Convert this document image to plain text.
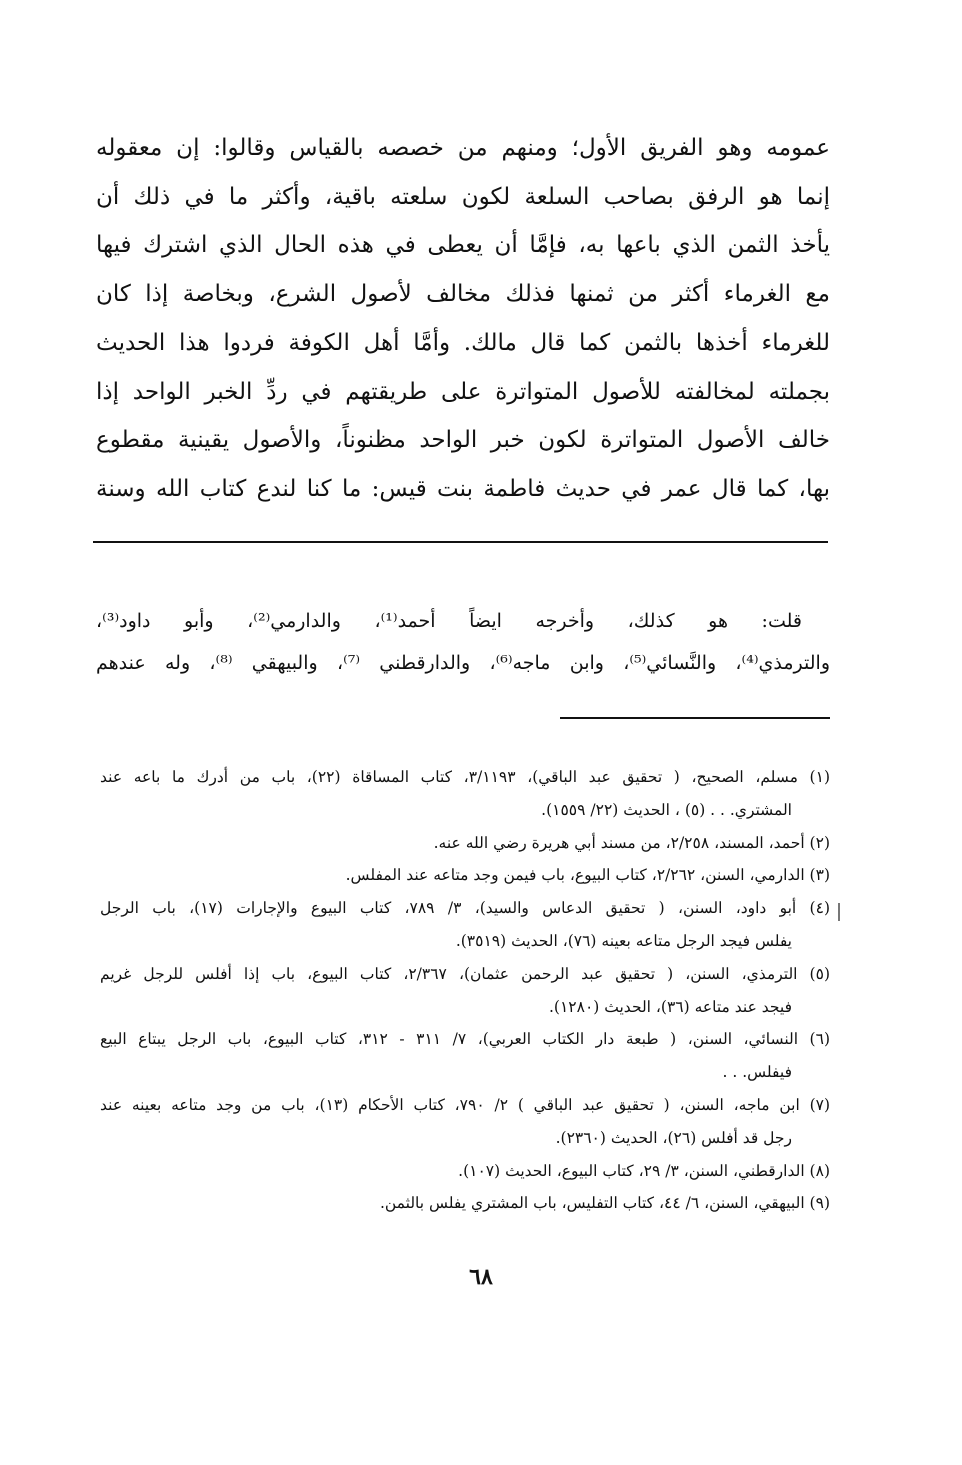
عمومه وهو الفريق الأول؛ ومنهم من خصصه بالقياس وقالوا: إن معقوله
إنما هو الرفق بصاحب السلعة لكون سلعته باقية، وأكثر ما في ذلك أن
يأخذ الثمن الذي باعها به، فإمَّا أن يعطى في هذه الحال الذي اشترك فيها
مع الغرماء أكثر من ثمنها فذلك مخالف لأصول الشرع، وبخاصة إذا كان
للغرماء أخذها بالثمن كما قال مالك. وأمَّا أهل الكوفة فردوا هذا الحديث
بجملته لمخالفته للأصول المتواترة على طريقتهم في ردِّ الخبر الواحد إذا
خالف الأصول المتواترة لكون خبر الواحد مظنوناً، والأصول يقينية مقطوع
بها، كما قال عمر في حديث فاطمة بنت قيس: ما كنا لندع كتاب الله وسنة
قلت: هو كذلك، وأخرجه ايضاً أحمد⁽¹⁾، والدارمي⁽²⁾، وأبو داود⁽³⁾،
والترمذي⁽⁴⁾، والنَّسائي⁽⁵⁾، وابن ماجه⁽⁶⁾، والدارقطني ⁽⁷⁾، والبيهقي ⁽⁸⁾، وله عندهم
(١) مسلم، الصحيح، ( تحقيق عبد الباقي)، ٣/١١٩٣، كتاب المساقاة (٢٢)، باب من أدرك ما باعه عند
المشتري. . . (٥) ، الحديث (٢٢/ ١٥٥٩).
(٢) أحمد، المسند، ٢/٢٥٨، من مسند أبي هريرة رضي الله عنه.
(٣) الدارمي، السنن، ٢/٢٦٢، كتاب البيوع، باب فيمن وجد متاعه عند المفلس.
(٤) أبو داود، السنن، ( تحقيق الدعاس والسيد)، ٣/ ٧٨٩، كتاب البيوع والإجارات (١٧)، باب الرجل
يفلس فيجد الرجل متاعه بعينه (٧٦)، الحديث (٣٥١٩).
(٥) الترمذي، السنن، ( تحقيق عبد الرحمن عثمان)، ٢/٣٦٧، كتاب البيوع، باب إذا أفلس للرجل غريم
فيجد عند متاعه (٣٦)، الحديث (١٢٨٠).
(٦) النسائي، السنن، ( طبعة دار الكتاب العربي)، ٧/ ٣١١ - ٣١٢، كتاب البيوع، باب الرجل يبتاع البيع
فيفلس. . .
(٧) ابن ماجه، السنن، ( تحقيق عبد الباقي ) ٢/ ٧٩٠، كتاب الأحكام (١٣)، باب من وجد متاعه بعينه عند
رجل قد أفلس (٢٦)، الحديث (٢٣٦٠).
(٨) الدارقطني، السنن، ٣/ ٢٩، كتاب البيوع، الحديث (١٠٧).
(٩) البيهقي، السنن، ٦/ ٤٤، كتاب التفليس، باب المشتري يفلس بالثمن.
٦٨
